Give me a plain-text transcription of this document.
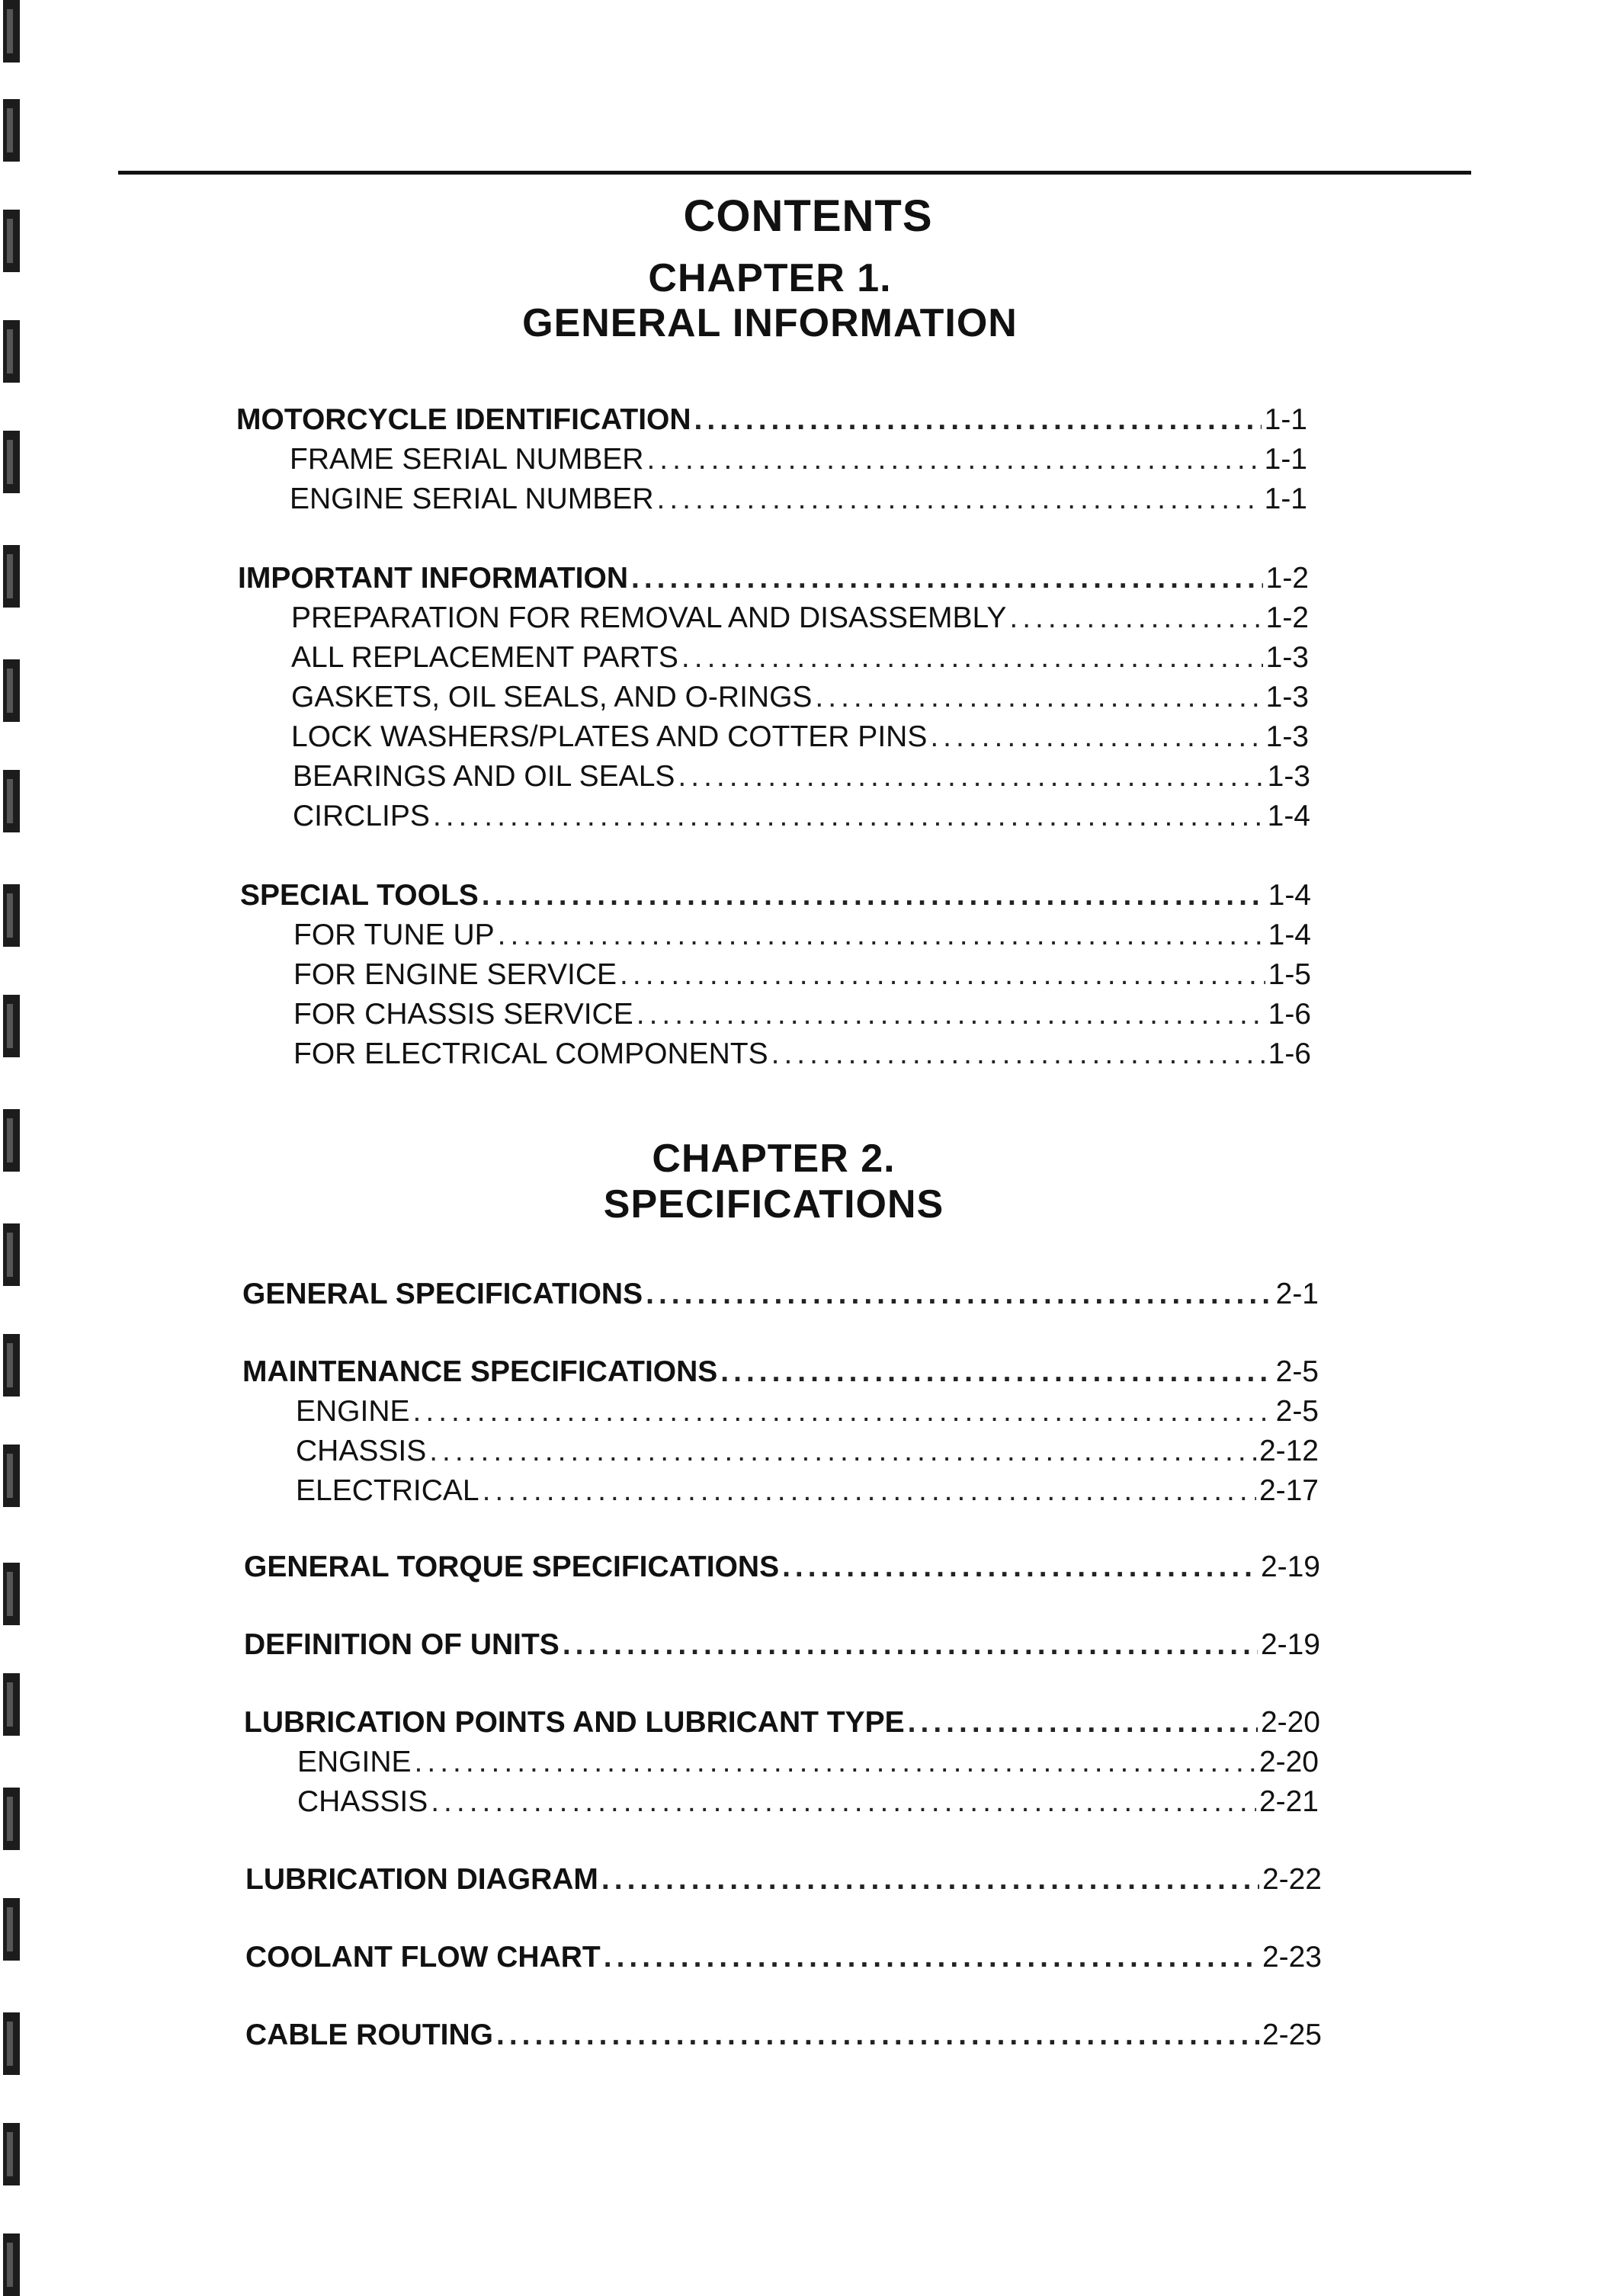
CONTENTS
CHAPTER 1.
GENERAL INFORMATION
MOTORCYCLE IDENTIFICATION .....	1-1
FRAME SERIAL NUMBER .....	1-1
ENGINE SERIAL NUMBER .....	1-1
IMPORTANT INFORMATION .....	1-2
PREPARATION FOR REMOVAL AND DISASSEMBLY .....	1-2
ALL REPLACEMENT PARTS .....	1-3
GASKETS, OIL SEALS, AND O-RINGS .....	1-3
LOCK WASHERS/PLATES AND COTTER PINS .....	1-3
BEARINGS AND OIL SEALS .....	1-3
CIRCLIPS .....	1-4
SPECIAL TOOLS .....	1-4
FOR TUNE UP .....	1-4
FOR ENGINE SERVICE .....	1-5
FOR CHASSIS SERVICE .....	1-6
FOR ELECTRICAL COMPONENTS .....	1-6
CHAPTER 2.
SPECIFICATIONS
GENERAL SPECIFICATIONS .....	2-1
MAINTENANCE SPECIFICATIONS .....	2-5
ENGINE .....	2-5
CHASSIS .....	2-12
ELECTRICAL .....	2-17
GENERAL TORQUE SPECIFICATIONS .....	2-19
DEFINITION OF UNITS .....	2-19
LUBRICATION POINTS AND LUBRICANT TYPE .....	2-20
ENGINE .....	2-20
CHASSIS .....	2-21
LUBRICATION DIAGRAM .....	2-22
COOLANT FLOW CHART .....	2-23
CABLE ROUTING .....	2-25
